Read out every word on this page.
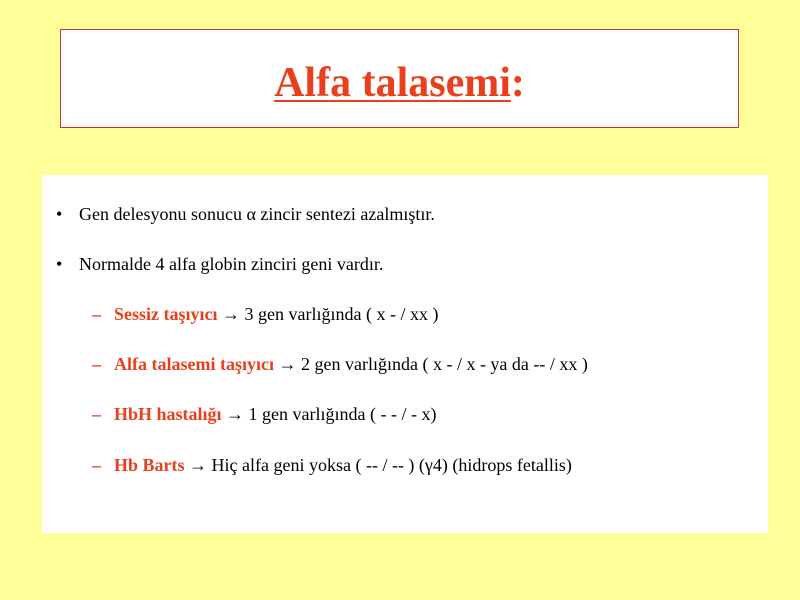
Alfa talasemi:
• Gen delesyonu sonucu α zincir sentezi azalmıştır.
• Normalde 4 alfa globin zinciri geni vardır.
– Sessiz taşıyıcı → 3 gen varlığında ( x - / xx )
– Alfa talasemi taşıyıcı → 2 gen varlığında ( x - / x - ya da -- / xx )
– HbH hastalığı → 1 gen varlığında ( - - / - x)
– Hb Barts → Hiç alfa geni yoksa ( -- / -- ) (γ4) (hidrops fetallis)
